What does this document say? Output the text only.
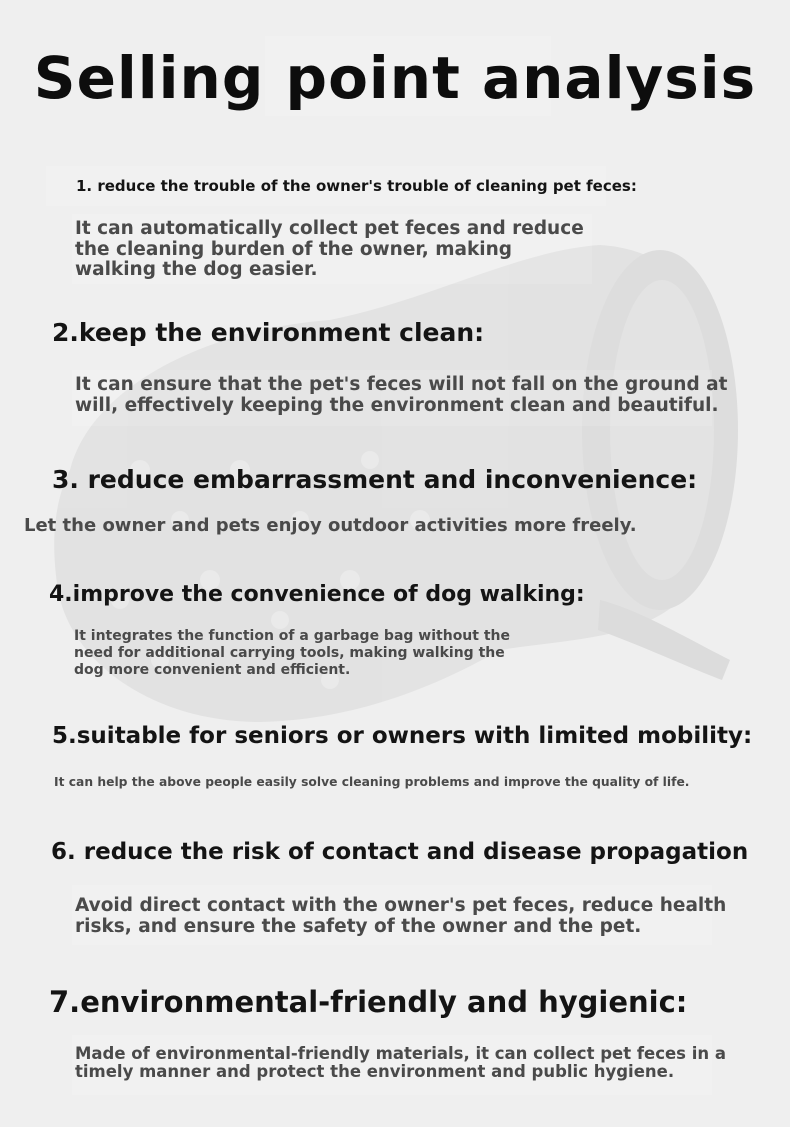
Selling point analysis
1. reduce the trouble of the owner's trouble of cleaning pet feces:
It can automatically collect pet feces and reduce the cleaning burden of the owner, making walking the dog easier.
2.keep the environment clean:
It can ensure that the pet's feces will not fall on the ground at will, effectively keeping the environment clean and beautiful.
3. reduce embarrassment and inconvenience:
Let the owner and pets enjoy outdoor activities more freely.
4.improve the convenience of dog walking:
It integrates the function of a garbage bag without the need for additional carrying tools, making walking the dog more convenient and efficient.
5.suitable for seniors or owners with limited mobility:
It can help the above people easily solve cleaning problems and improve the quality of life.
6. reduce the risk of contact and disease propagation
Avoid direct contact with the owner's pet feces, reduce health risks, and ensure the safety of the owner and the pet.
7.environmental-friendly and hygienic:
Made of environmental-friendly materials, it can collect pet feces in a timely manner and protect the environment and public hygiene.
